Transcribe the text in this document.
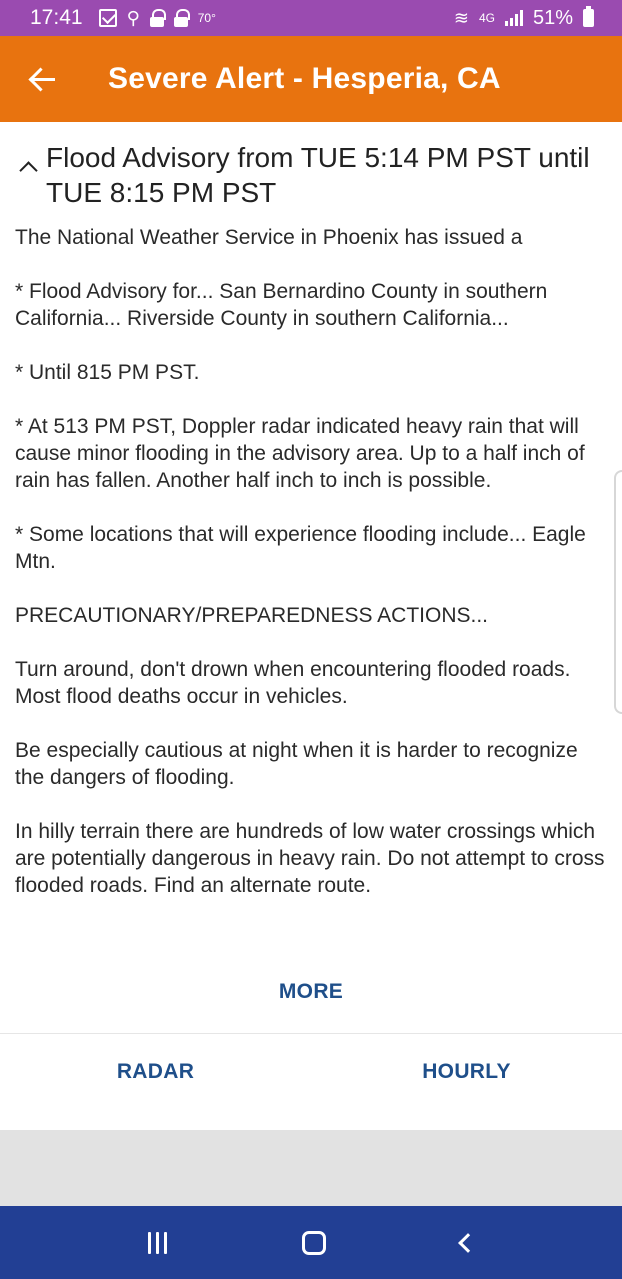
17:41 ⚲	70°	≋ 4G 51%
Severe Alert - Hesperia, CA
Flood Advisory from TUE 5:14 PM PST until TUE 8:15 PM PST

The National Weather Service in Phoenix has issued a

* Flood Advisory for... San Bernardino County in southern California... Riverside County in southern California...

* Until 815 PM PST.

* At 513 PM PST, Doppler radar indicated heavy rain that will cause minor flooding in the advisory area. Up to a half inch of rain has fallen. Another half inch to inch is possible.

* Some locations that will experience flooding include... Eagle Mtn.

PRECAUTIONARY/PREPAREDNESS ACTIONS...

Turn around, don't drown when encountering flooded roads. Most flood deaths occur in vehicles.

Be especially cautious at night when it is harder to recognize the dangers of flooding.

In hilly terrain there are hundreds of low water crossings which are potentially dangerous in heavy rain. Do not attempt to cross flooded roads. Find an alternate route.

MORE
RADAR	HOURLY
